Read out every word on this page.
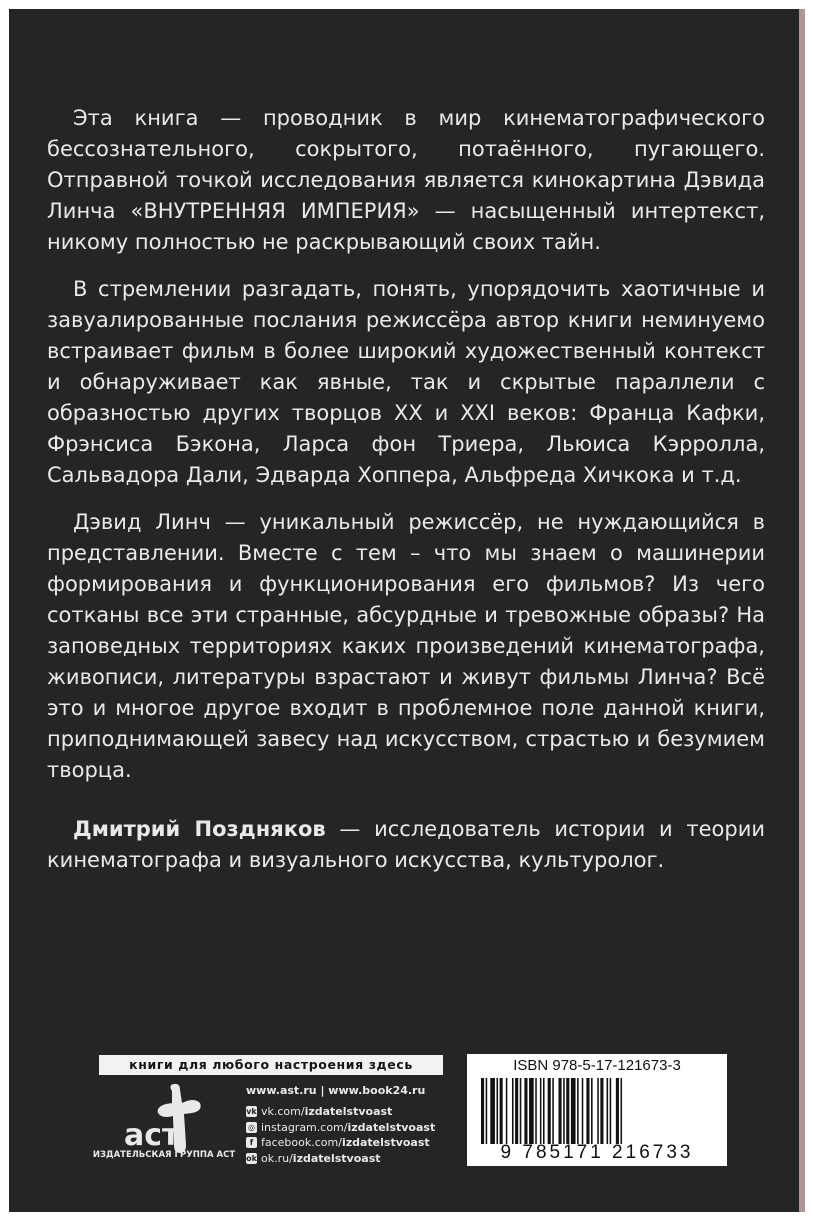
Эта книга — проводник в мир кинематографического бессознательного, сокрытого, потаённого, пугающего. Отправной точкой исследования является кинокартина Дэвида Линча «ВНУТРЕННЯЯ ИМПЕРИЯ» — насыщенный интертекст, никому полностью не раскрывающий своих тайн.

В стремлении разгадать, понять, упорядочить хаотичные и завуалированные послания режиссёра автор книги неминуемо встраивает фильм в более широкий художественный контекст и обнаруживает как явные, так и скрытые параллели с образностью других творцов XX и XXI веков: Франца Кафки, Фрэнсиса Бэкона, Ларса фон Триера, Льюиса Кэрролла, Сальвадора Дали, Эдварда Хоппера, Альфреда Хичкока и т.д.

Дэвид Линч — уникальный режиссёр, не нуждающийся в представлении. Вместе с тем – что мы знаем о машинерии формирования и функционирования его фильмов? Из чего сотканы все эти странные, абсурдные и тревожные образы? На заповедных территориях каких произведений кинематографа, живописи, литературы взрастают и живут фильмы Линча? Всё это и многое другое входит в проблемное поле данной книги, приподнимающей завесу над искусством, страстью и безумием творца.

Дмитрий Поздняков — исследователь истории и теории кинематографа и визуального искусства, культуролог.

книги для любого настроения здесь
аст
ИЗДАТЕЛЬСКАЯ ГРУППА АСТ
www.ast.ru | www.book24.ru
vk vk.com/ izdatelstvoast
◎ instagram.com/ izdatelstvoast
f facebook.com/ izdatelstvoast
ok ok.ru/ izdatelstvoast
ISBN 978-5-17-121673-3
9 785171 216733
